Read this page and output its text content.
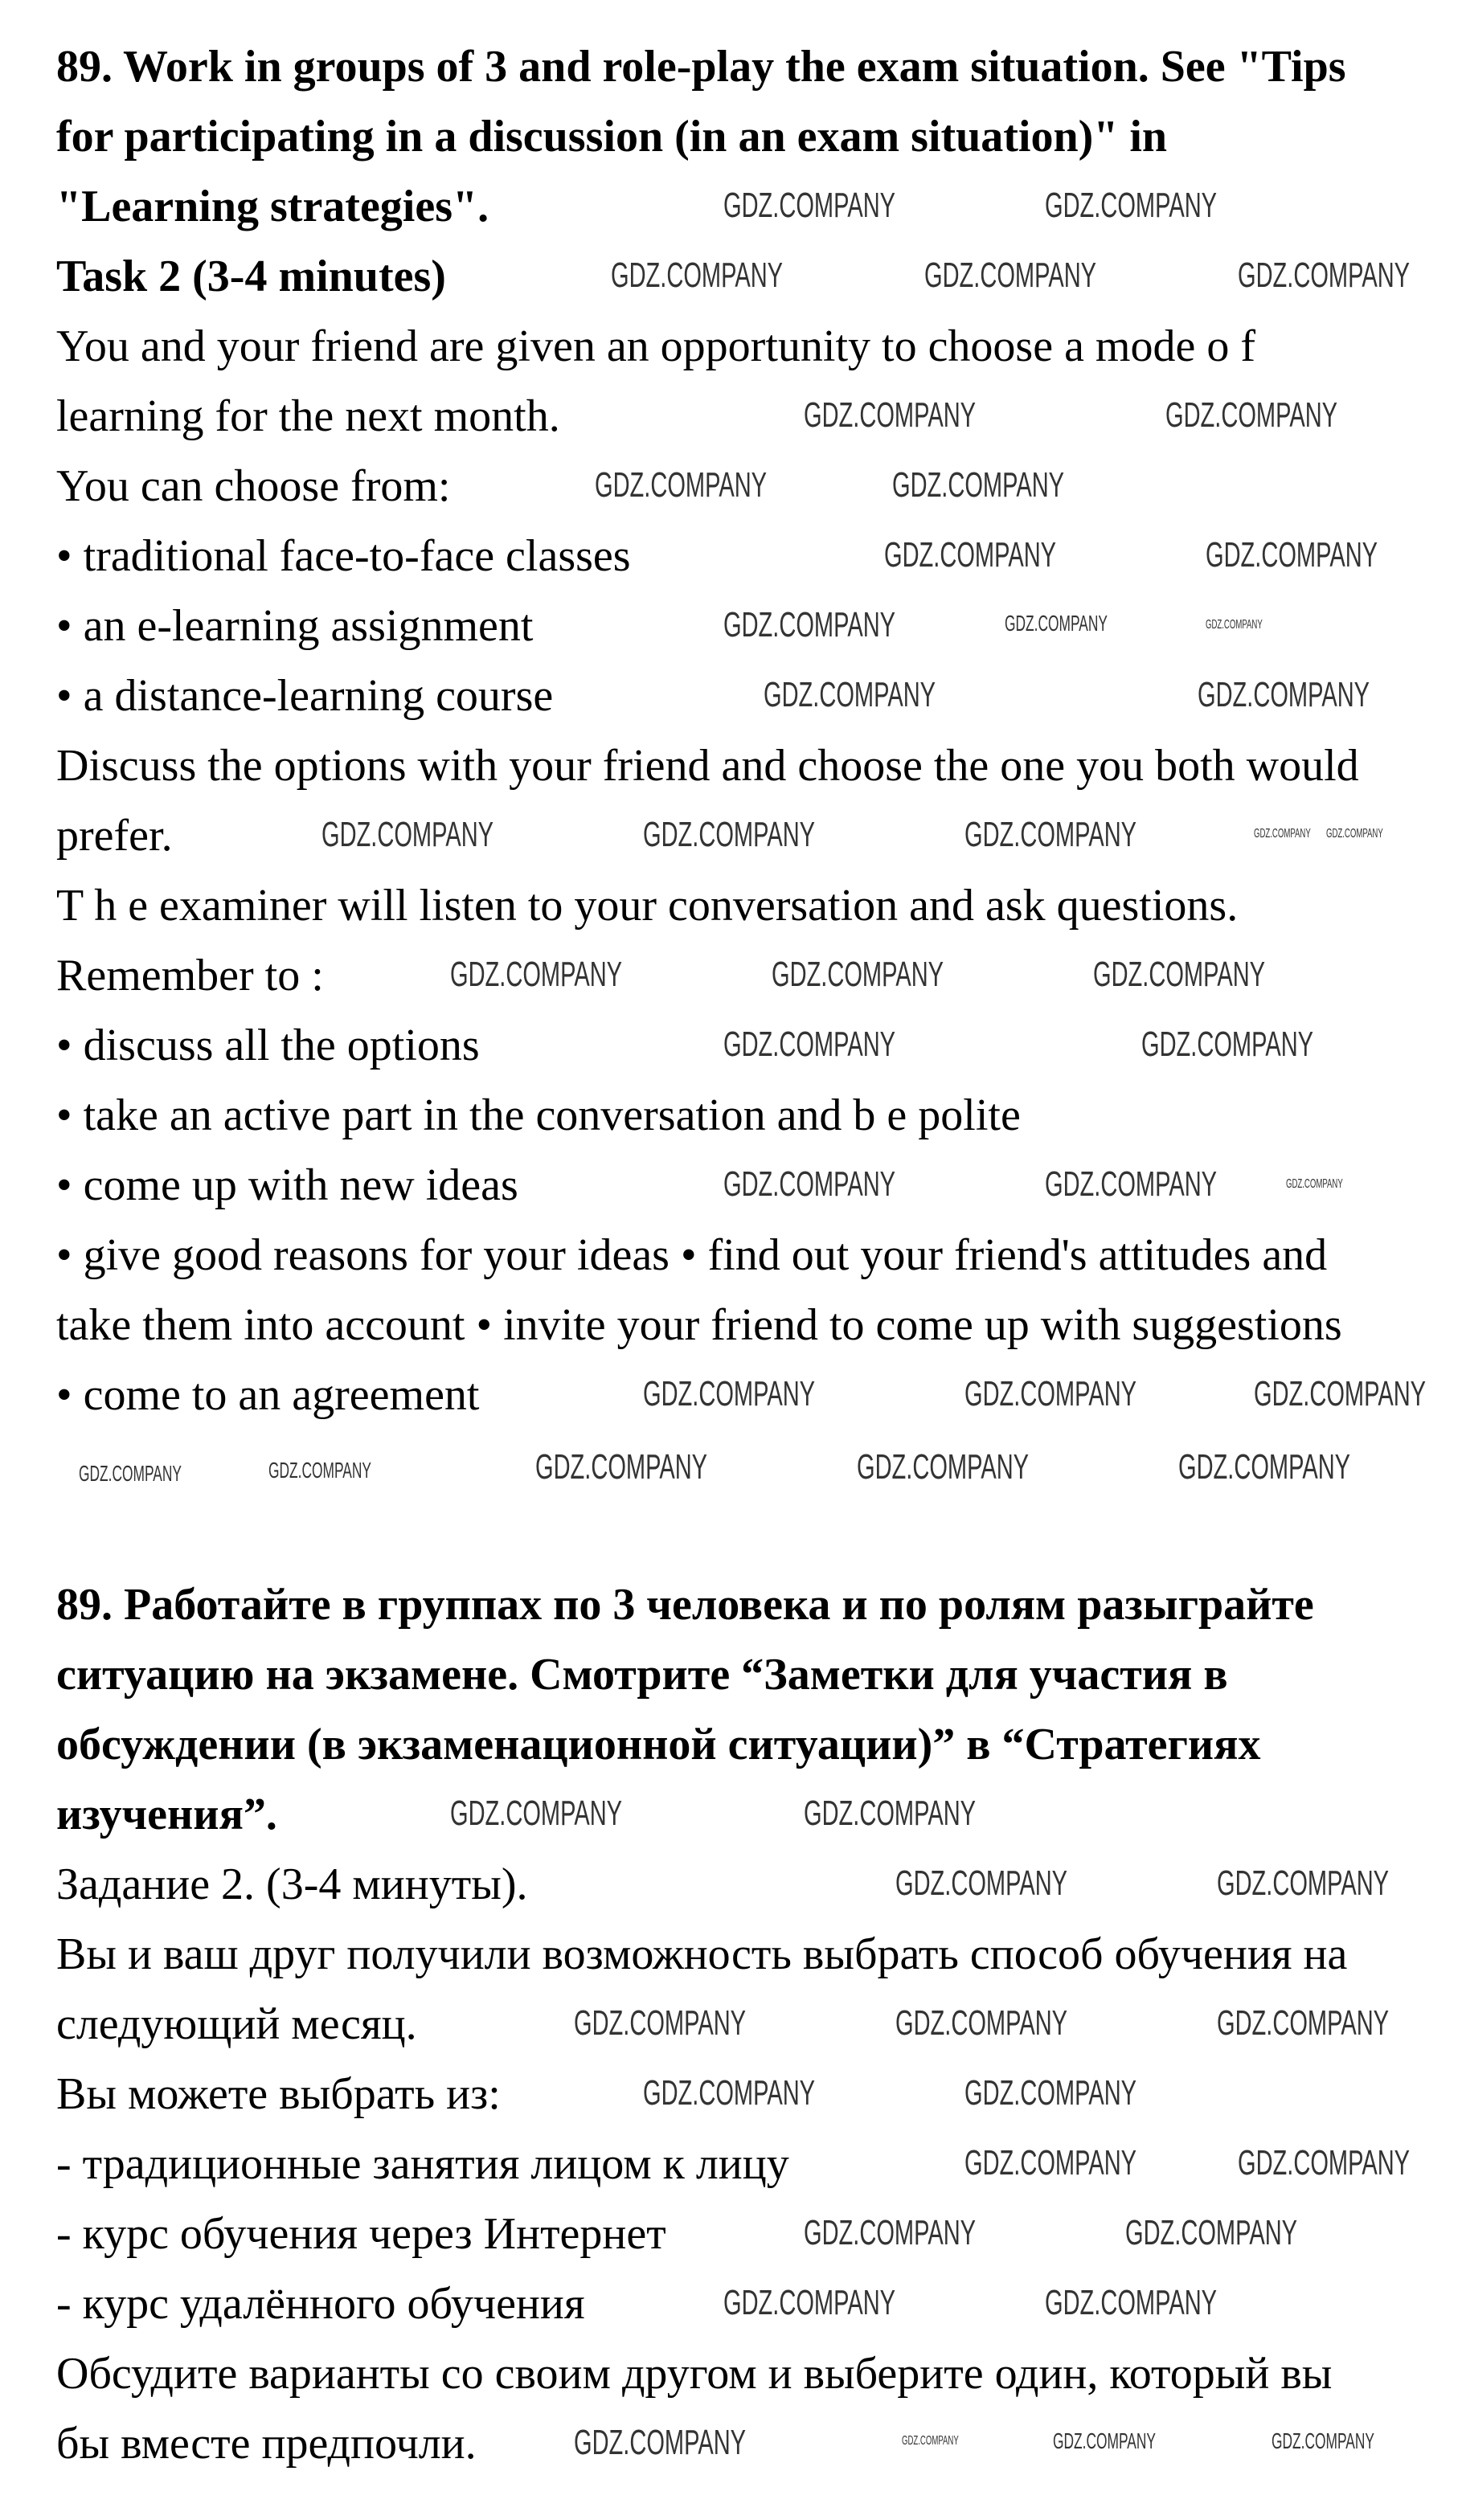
89. Work in groups of 3 and role-play the exam situation. See "Tips
for participating in a discussion (in an exam situation)" in
"Learning strategies".
Task 2 (3-4 minutes)
You and your friend are given an opportunity to choose a mode o f
learning for the next month.
You can choose from:
• traditional face-to-face classes
• an e-learning assignment
• a distance-learning course
Discuss the options with your friend and choose the one you both would
prefer.
T h e examiner will listen to your conversation and ask questions.
Remember to :
• discuss all the options
• take an active part in the conversation and b e polite
• come up with new ideas
• give good reasons for your ideas • find out your friend's attitudes and
take them into account • invite your friend to come up with suggestions
• come to an agreement
89. Работайте в группах по 3 человека и по ролям разыграйте
ситуацию на экзамене. Смотрите “Заметки для участия в
обсуждении (в экзаменационной ситуации)” в “Стратегиях
изучения”.
Задание 2. (3-4 минуты).
Вы и ваш друг получили возможность выбрать способ обучения на
следующий месяц.
Вы можете выбрать из:
- традиционные занятия лицом к лицу
- курс обучения через Интернет
- курс удалённого обучения
Обсудите варианты со своим другом и выберите один, который вы
бы вместе предпочли.
GDZ.COMPANY	GDZ.COMPANY
GDZ.COMPANY	GDZ.COMPANY	GDZ.COMPANY
GDZ.COMPANY	GDZ.COMPANY
GDZ.COMPANY	GDZ.COMPANY
GDZ.COMPANY	GDZ.COMPANY
GDZ.COMPANY	GDZ.COMPANY	GDZ.COMPANY
GDZ.COMPANY	GDZ.COMPANY
GDZ.COMPANY	GDZ.COMPANY	GDZ.COMPANY	GDZ.COMPANY GDZ.COMPANY
GDZ.COMPANY	GDZ.COMPANY	GDZ.COMPANY
GDZ.COMPANY	GDZ.COMPANY
GDZ.COMPANY	GDZ.COMPANY	GDZ.COMPANY
GDZ.COMPANY	GDZ.COMPANY	GDZ.COMPANY
GDZ.COMPANY	GDZ.COMPANY	GDZ.COMPANY	GDZ.COMPANY	GDZ.COMPANY
GDZ.COMPANY	GDZ.COMPANY
GDZ.COMPANY	GDZ.COMPANY
GDZ.COMPANY	GDZ.COMPANY	GDZ.COMPANY
GDZ.COMPANY	GDZ.COMPANY
GDZ.COMPANY	GDZ.COMPANY
GDZ.COMPANY	GDZ.COMPANY
GDZ.COMPANY	GDZ.COMPANY
GDZ.COMPANY	GDZ.COMPANY	GDZ.COMPANY	GDZ.COMPANY
